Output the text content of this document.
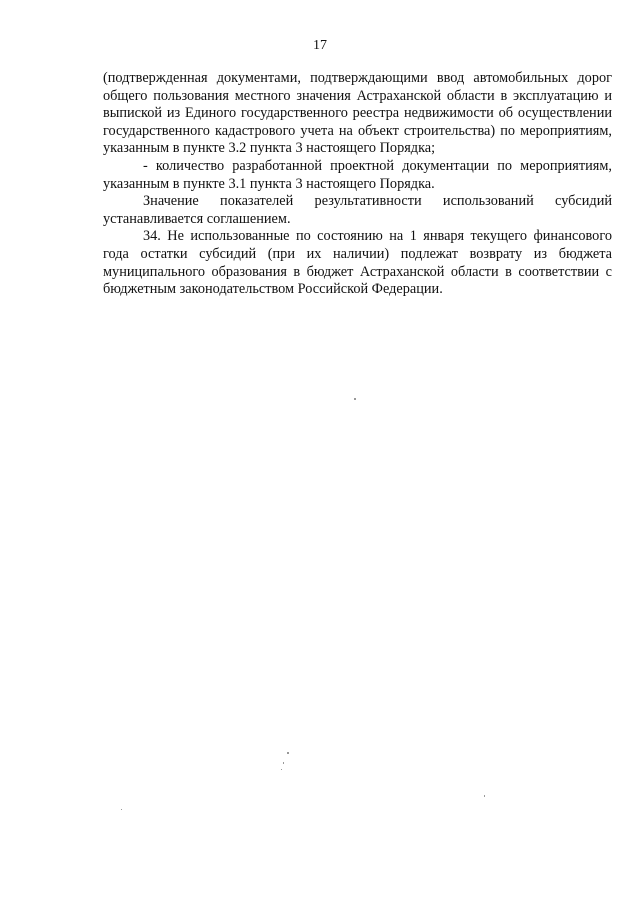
17

(подтвержденная документами, подтверждающими ввод автомобильных дорог общего пользования местного значения Астраханской области в эксплуатацию и выпиской из Единого государственного реестра недвижимости об осуществлении государственного кадастрового учета на объект строительства) по мероприятиям, указанным в пункте 3.2 пункта 3 настоящего Порядка;

- количество разработанной проектной документации по мероприятиям, указанным в пункте 3.1 пункта 3 настоящего Порядка.

Значение показателей результативности использований субсидий устанавливается соглашением.

34. Не использованные по состоянию на 1 января текущего финансового года остатки субсидий (при их наличии) подлежат возврату из бюджета муниципального образования в бюджет Астраханской области в соответствии с бюджетным законодательством Российской Федерации.
